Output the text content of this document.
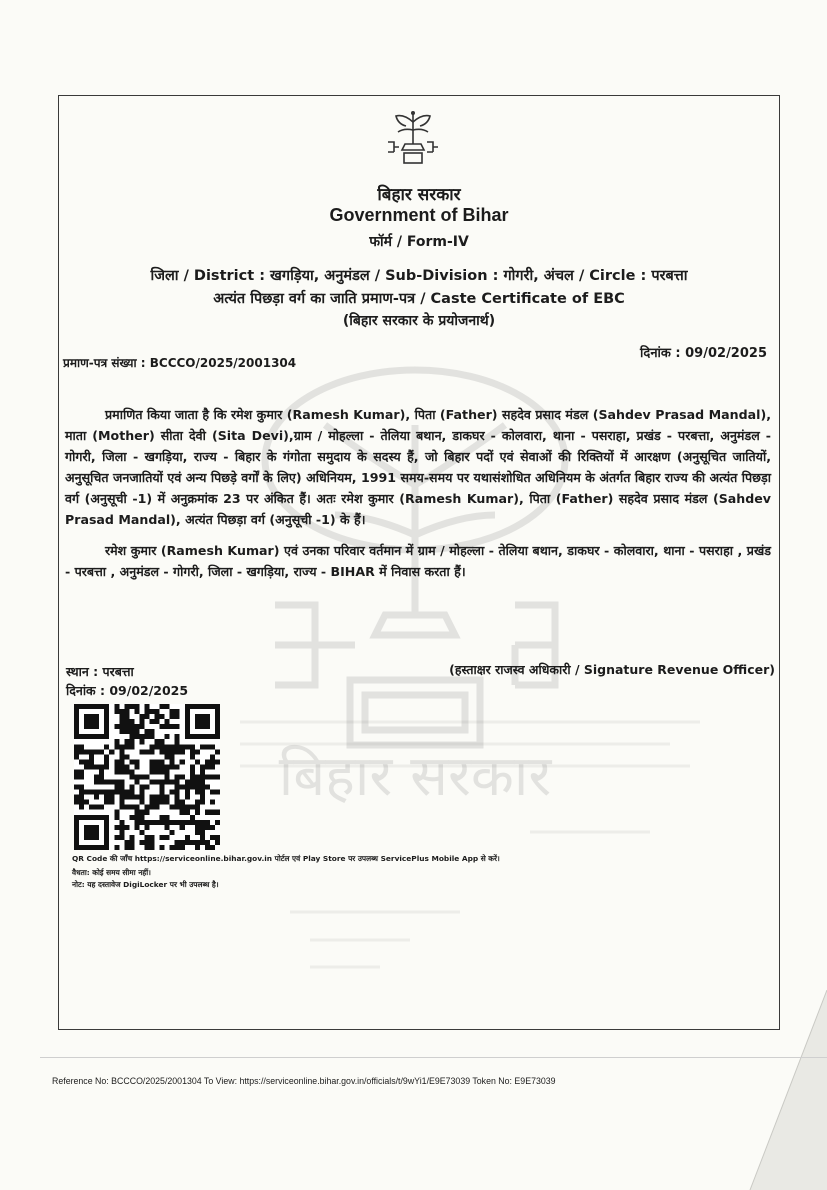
बिहार सरकार
बिहार सरकार
Government of Bihar
फॉर्म / Form-IV
जिला / District : खगड़िया, अनुमंडल / Sub-Division : गोगरी, अंचल / Circle : परबत्ता
अत्यंत पिछड़ा वर्ग का जाति प्रमाण-पत्र / Caste Certificate of EBC
(बिहार सरकार के प्रयोजनार्थ)
प्रमाण-पत्र संख्या : BCCCO/2025/2001304
दिनांक : 09/02/2025
प्रमाणित किया जाता है कि रमेश कुमार (Ramesh Kumar), पिता (Father) सहदेव प्रसाद मंडल (Sahdev Prasad Mandal), माता (Mother) सीता देवी (Sita Devi),ग्राम / मोहल्ला - तेलिया बथान, डाकघर - कोलवारा, थाना - पसराहा, प्रखंड - परबत्ता, अनुमंडल - गोगरी, जिला - खगड़िया, राज्य - बिहार के गंगोता समुदाय के सदस्य हैं, जो बिहार पदों एवं सेवाओं की रिक्तियों में आरक्षण (अनुसूचित जातियों, अनुसूचित जनजातियों एवं अन्य पिछड़े वर्गों के लिए) अधिनियम, 1991 समय-समय पर यथासंशोधित अधिनियम के अंतर्गत बिहार राज्य की अत्यंत पिछड़ा वर्ग (अनुसूची -1) में अनुक्रमांक 23 पर अंकित हैं। अतः रमेश कुमार (Ramesh Kumar), पिता (Father) सहदेव प्रसाद मंडल (Sahdev Prasad Mandal), अत्यंत पिछड़ा वर्ग (अनुसूची -1) के हैं।
रमेश कुमार (Ramesh Kumar) एवं उनका परिवार वर्तमान में ग्राम / मोहल्ला - तेलिया बथान, डाकघर - कोलवारा, थाना - पसराहा , प्रखंड - परबत्ता , अनुमंडल - गोगरी, जिला - खगड़िया, राज्य - BIHAR में निवास करता हैं।
स्थान : परबत्ता	(हस्ताक्षर राजस्व अधिकारी / Signature Revenue Officer)
दिनांक : 09/02/2025
QR Code की जाँच https://serviceonline.bihar.gov.in पोर्टल एवं Play Store पर उपलब्ध ServicePlus Mobile App से करें।
वैधता: कोई समय सीमा नहीं।
नोट: यह दस्तावेज DigiLocker पर भी उपलब्ध है।
Reference No: BCCCO/2025/2001304 To View: https://serviceonline.bihar.gov.in/officials/t/9wYi1/E9E73039 Token No: E9E73039
